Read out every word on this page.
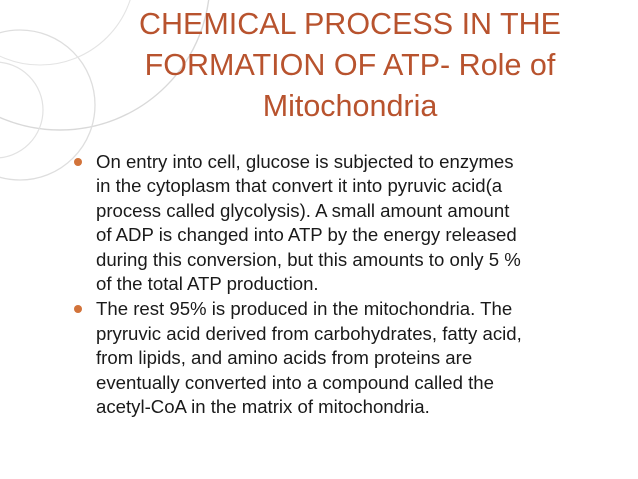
CHEMICAL PROCESS IN THE
FORMATION OF ATP- Role of
Mitochondria
On entry into cell, glucose is subjected to enzymes
in the cytoplasm that convert it into pyruvic acid(a
process called glycolysis). A small amount amount
of ADP is changed into ATP by the energy released
during this conversion, but this amounts to only 5 %
of the total ATP production.
The rest 95% is produced in the mitochondria. The
pryruvic acid derived from carbohydrates, fatty acid,
from lipids, and amino acids from proteins are
eventually converted into a compound called the
acetyl-CoA in the matrix of mitochondria.
